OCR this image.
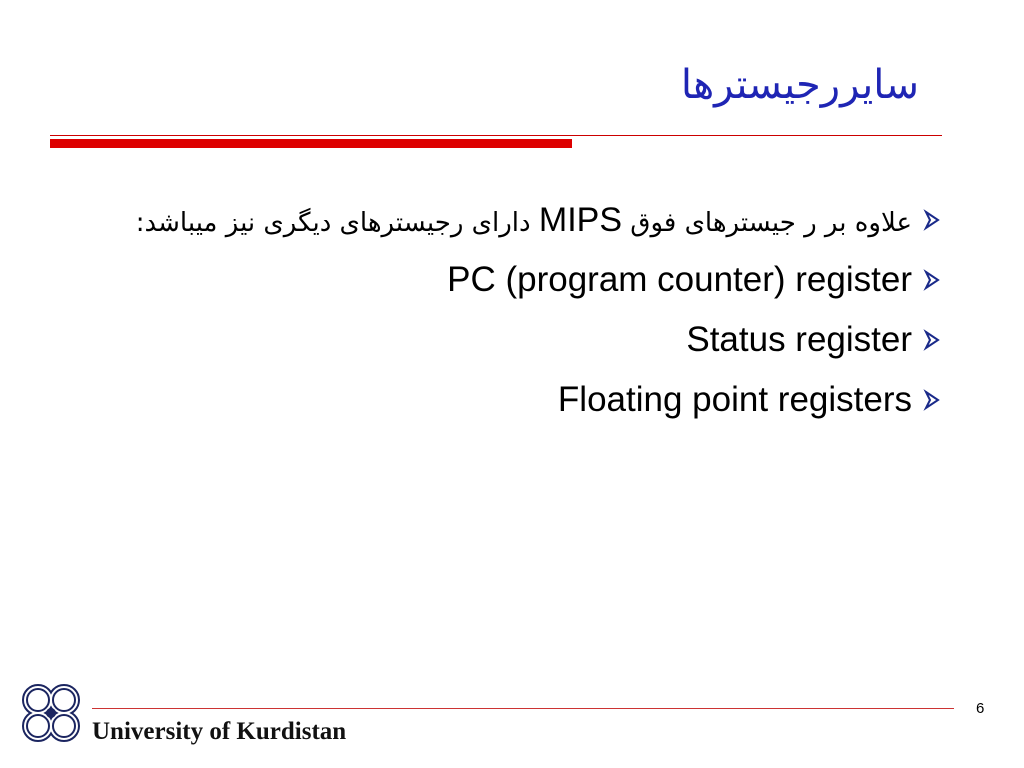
سایررجیسترها
علاوه بر ر جیسترهای فوق MIPS دارای رجیسترهای دیگری نیز میباشد:
PC (program counter) register
Status register
Floating point registers
6
University of Kurdistan
